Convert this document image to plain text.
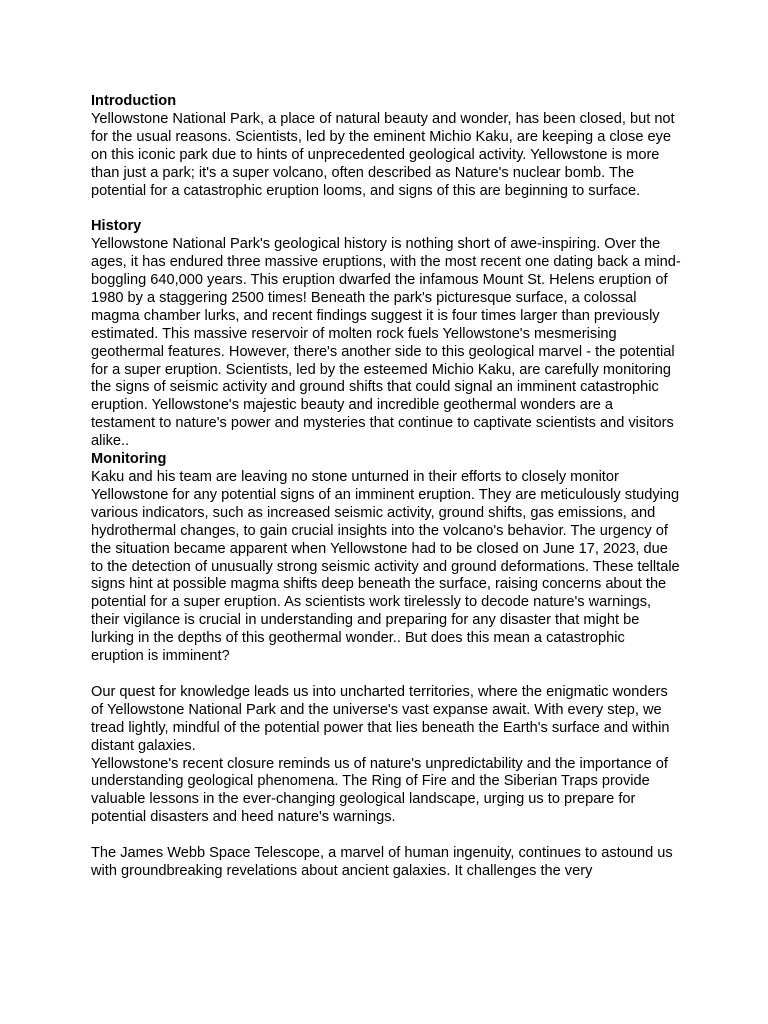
Introduction

Yellowstone National Park, a place of natural beauty and wonder, has been closed, but not for the usual reasons. Scientists, led by the eminent Michio Kaku, are keeping a close eye on this iconic park due to hints of unprecedented geological activity. Yellowstone is more than just a park; it's a super volcano, often described as Nature's nuclear bomb. The potential for a catastrophic eruption looms, and signs of this are beginning to surface.

History

Yellowstone National Park's geological history is nothing short of awe-inspiring. Over the ages, it has endured three massive eruptions, with the most recent one dating back a mind-boggling 640,000 years. This eruption dwarfed the infamous Mount St. Helens eruption of 1980 by a staggering 2500 times! Beneath the park's picturesque surface, a colossal magma chamber lurks, and recent findings suggest it is four times larger than previously estimated. This massive reservoir of molten rock fuels Yellowstone's mesmerising geothermal features. However, there's another side to this geological marvel - the potential for a super eruption. Scientists, led by the esteemed Michio Kaku, are carefully monitoring the signs of seismic activity and ground shifts that could signal an imminent catastrophic eruption. Yellowstone's majestic beauty and incredible geothermal wonders are a testament to nature's power and mysteries that continue to captivate scientists and visitors alike..

Monitoring

Kaku and his team are leaving no stone unturned in their efforts to closely monitor Yellowstone for any potential signs of an imminent eruption. They are meticulously studying various indicators, such as increased seismic activity, ground shifts, gas emissions, and hydrothermal changes, to gain crucial insights into the volcano's behavior. The urgency of the situation became apparent when Yellowstone had to be closed on June 17, 2023, due to the detection of unusually strong seismic activity and ground deformations. These telltale signs hint at possible magma shifts deep beneath the surface, raising concerns about the potential for a super eruption. As scientists work tirelessly to decode nature's warnings, their vigilance is crucial in understanding and preparing for any disaster that might be lurking in the depths of this geothermal wonder.. But does this mean a catastrophic eruption is imminent?

Our quest for knowledge leads us into uncharted territories, where the enigmatic wonders of Yellowstone National Park and the universe's vast expanse await. With every step, we tread lightly, mindful of the potential power that lies beneath the Earth's surface and within distant galaxies.

Yellowstone's recent closure reminds us of nature's unpredictability and the importance of understanding geological phenomena. The Ring of Fire and the Siberian Traps provide valuable lessons in the ever-changing geological landscape, urging us to prepare for potential disasters and heed nature's warnings.

The James Webb Space Telescope, a marvel of human ingenuity, continues to astound us with groundbreaking revelations about ancient galaxies. It challenges the very
